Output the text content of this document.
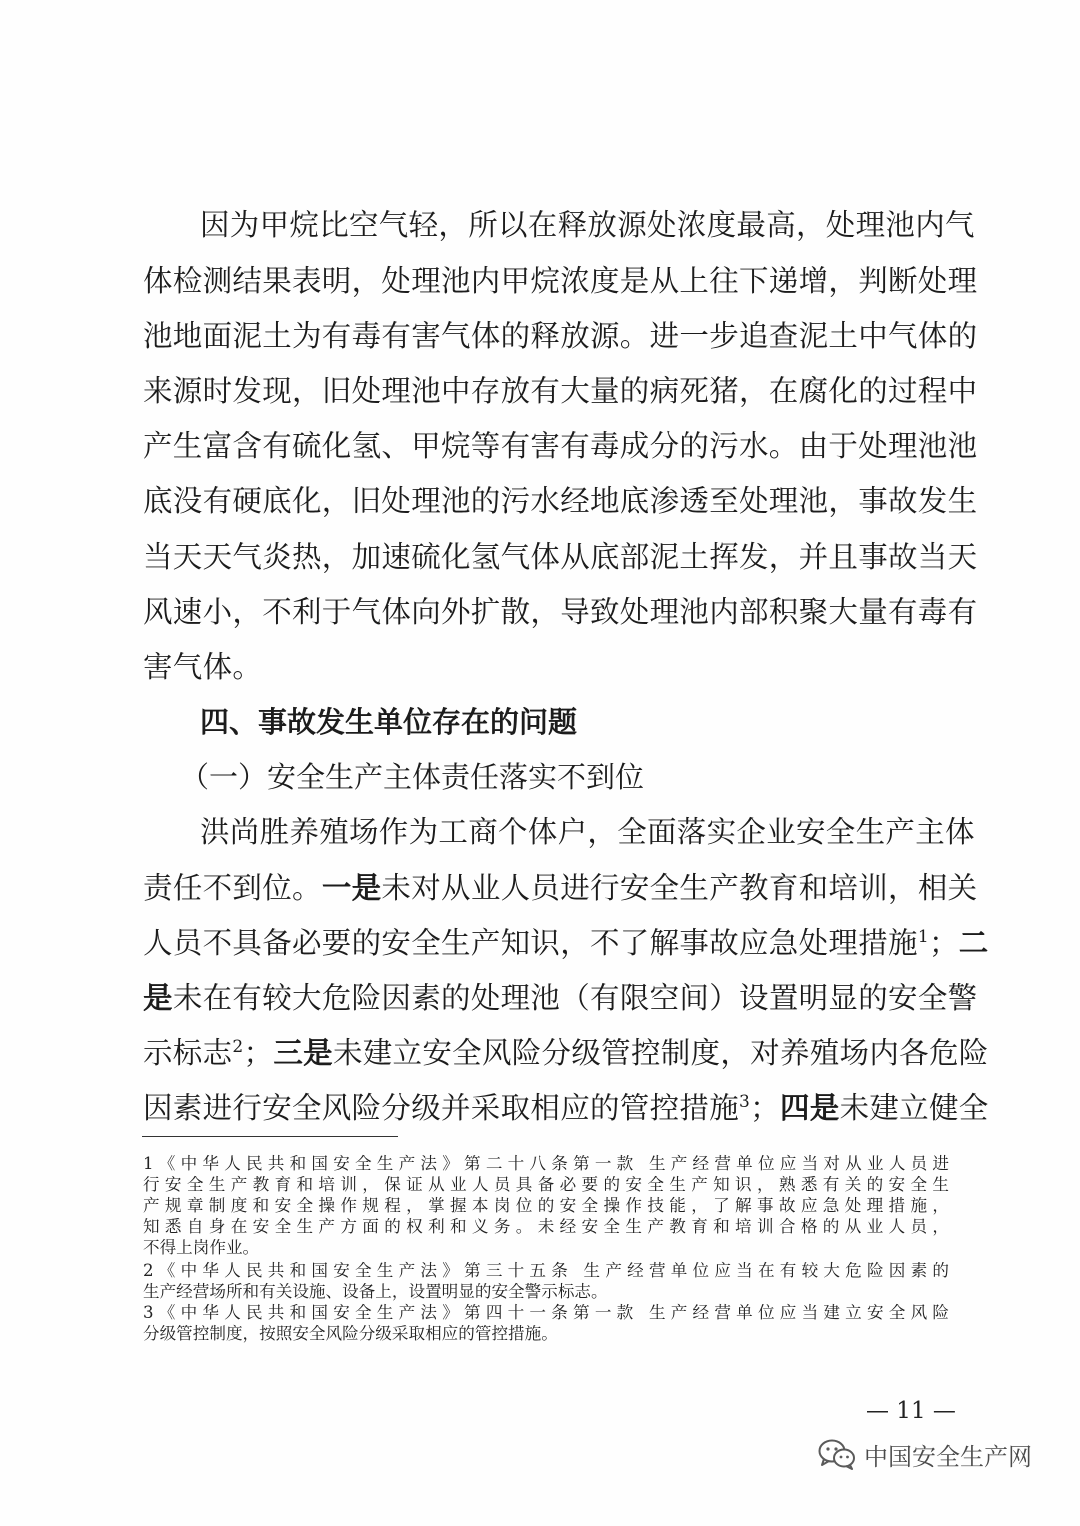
因为甲烷比空气轻，所以在释放源处浓度最高，处理池内气
体检测结果表明，处理池内甲烷浓度是从上往下递增，判断处理
池地面泥土为有毒有害气体的释放源。进一步追查泥土中气体的
来源时发现，旧处理池中存放有大量的病死猪，在腐化的过程中
产生富含有硫化氢、甲烷等有害有毒成分的污水。由于处理池池
底没有硬底化，旧处理池的污水经地底渗透至处理池，事故发生
当天天气炎热，加速硫化氢气体从底部泥土挥发，并且事故当天
风速小，不利于气体向外扩散，导致处理池内部积聚大量有毒有
害气体。
四、事故发生单位存在的问题
（一）安全生产主体责任落实不到位
洪尚胜养殖场作为工商个体户，全面落实企业安全生产主体
责任不到位。一是未对从业人员进行安全生产教育和培训，相关
人员不具备必要的安全生产知识，不了解事故应急处理措施$^1$；二
是未在有较大危险因素的处理池（有限空间）设置明显的安全警
示标志$^2$；三是未建立安全风险分级管控制度，对养殖场内各危险
因素进行安全风险分级并采取相应的管控措施$^3$；四是未建立健全
1《中华人民共和国安全生产法》第二十八条第一款 生产经营单位应当对从业人员进
行安全生产教育和培训，保证从业人员具备必要的安全生产知识，熟悉有关的安全生
产规章制度和安全操作规程，掌握本岗位的安全操作技能，了解事故应急处理措施，
知悉自身在安全生产方面的权利和义务。未经安全生产教育和培训合格的从业人员，
不得上岗作业。
2《中华人民共和国安全生产法》第三十五条 生产经营单位应当在有较大危险因素的
生产经营场所和有关设施、设备上，设置明显的安全警示标志。
3《中华人民共和国安全生产法》第四十一条第一款 生产经营单位应当建立安全风险
分级管控制度，按照安全风险分级采取相应的管控措施。
— 11 —
中国安全生产网
